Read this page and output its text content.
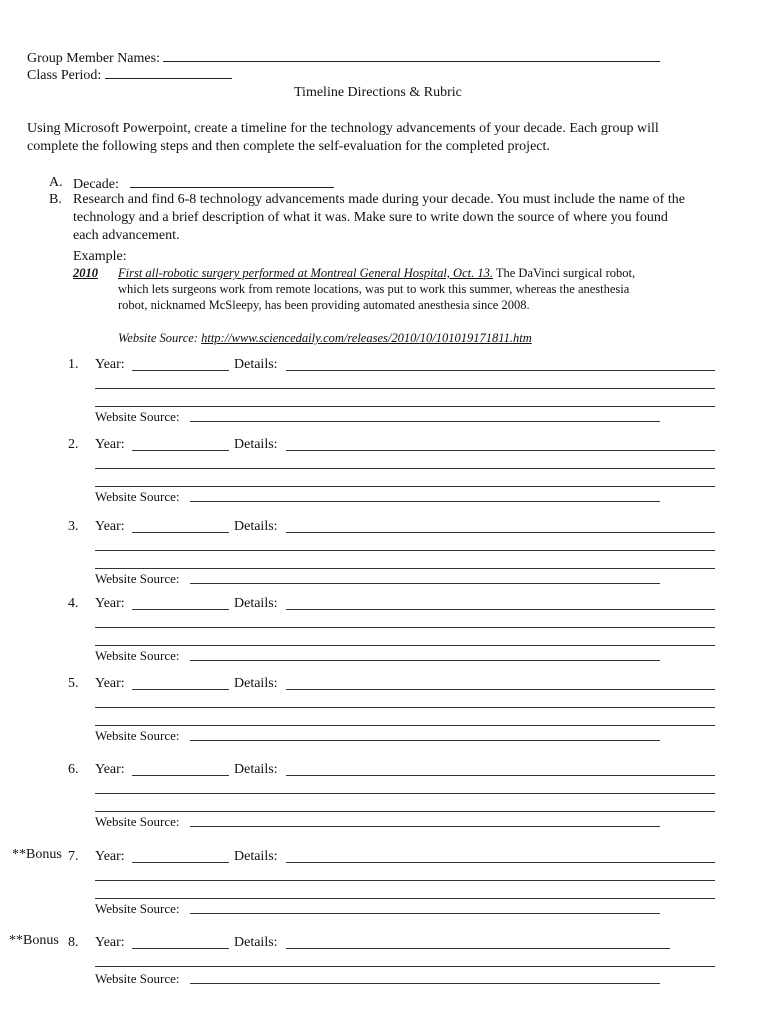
Group Member Names:
Class Period:
Timeline Directions & Rubric
Using Microsoft Powerpoint, create a timeline for the technology advancements of your decade. Each group will
complete the following steps and then complete the self-evaluation for the completed project.
A. Decade:
B. Research and find 6-8 technology advancements made during your decade. You must include the name of the
technology and a brief description of what it was. Make sure to write down the source of where you found
each advancement.
Example:
2010 First all-robotic surgery performed at Montreal General Hospital, Oct. 13. The DaVinci surgical robot,
which lets surgeons work from remote locations, was put to work this summer, whereas the anesthesia
robot, nicknamed McSleepy, has been providing automated anesthesia since 2008.
Website Source: http://www.sciencedaily.com/releases/2010/10/101019171811.htm
1. Year:	Details:
Website Source:
2. Year:	Details:
Website Source:
3. Year:	Details:
Website Source:
4. Year:	Details:
Website Source:
5. Year:	Details:
Website Source:
6. Year:	Details:
Website Source:
**Bonus 7. Year:	Details:
Website Source:
**Bonus 8. Year:	Details:
Website Source:
